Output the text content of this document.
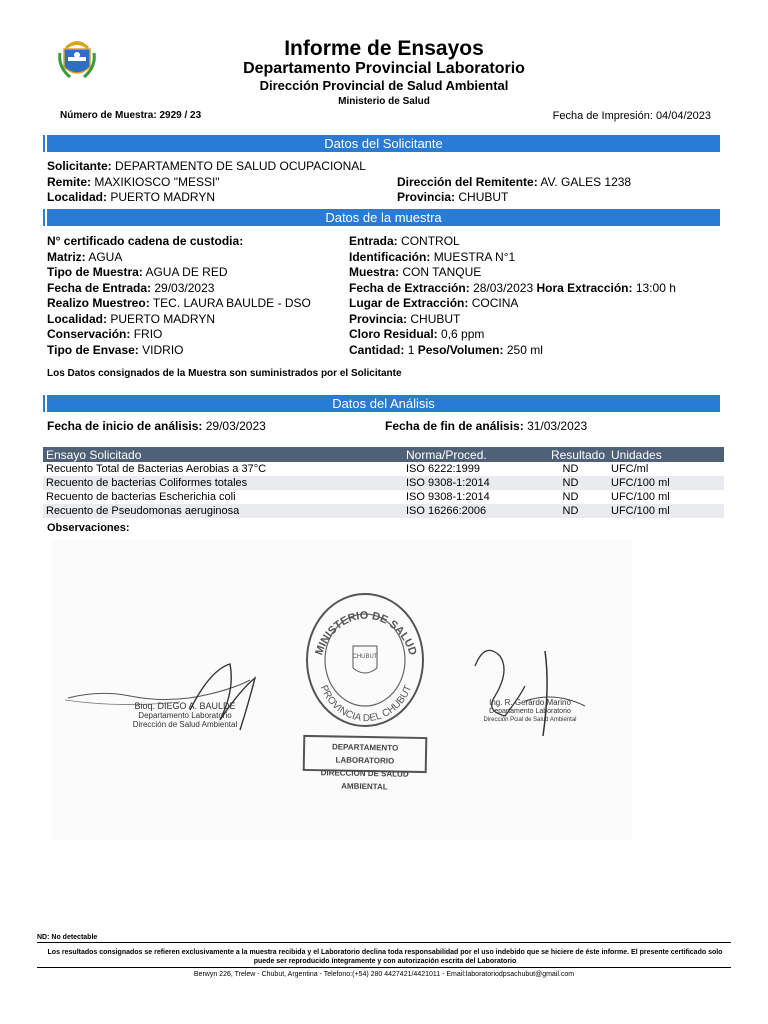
Informe de Ensayos
Departamento Provincial Laboratorio
Dirección Provincial de Salud Ambiental
Ministerio de Salud
Número de Muestra: 2929 / 23	Fecha de Impresión: 04/04/2023
Datos del Solicitante
Solicitante: DEPARTAMENTO DE SALUD OCUPACIONAL
Remite: MAXIKIOSCO "MESSI"	Dirección del Remitente: AV. GALES 1238
Localidad: PUERTO MADRYN	Provincia: CHUBUT
Datos de la muestra
N° certificado cadena de custodia:
Matriz: AGUA
Tipo de Muestra: AGUA DE RED
Fecha de Entrada: 29/03/2023
Realizo Muestreo: TEC. LAURA BAULDE - DSO
Localidad: PUERTO MADRYN
Conservación: FRIO
Tipo de Envase: VIDRIO
Entrada: CONTROL
Identificación: MUESTRA N°1
Muestra: CON TANQUE
Fecha de Extracción: 28/03/2023 Hora Extracción: 13:00 h
Lugar de Extracción: COCINA
Provincia: CHUBUT
Cloro Residual: 0,6 ppm
Cantidad: 1 Peso/Volumen: 250 ml
Los Datos consignados de la Muestra son suministrados por el Solicitante
Datos del Análisis
Fecha de inicio de análisis: 29/03/2023	Fecha de fin de análisis: 31/03/2023
Ensayo Solicitado	Norma/Proced.	Resultado	Unidades
Recuento Total de Bacterias Aerobias a 37°C	ISO 6222:1999	ND	UFC/ml
Recuento de bacterias Coliformes totales	ISO 9308-1:2014	ND	UFC/100 ml
Recuento de bacterias Escherichia coli	ISO 9308-1:2014	ND	UFC/100 ml
Recuento de Pseudomonas aeruginosa	ISO 16266:2006	ND	UFC/100 ml
Observaciones:
Bioq. DIEGO A. BAULDE
Departamento Laboratorio
Dirección de Salud Ambiental
MINISTERIO DE SALUD
PROVINCIA DEL CHUBUT
CHUBUT
DEPARTAMENTO LABORATORIO
DIRECCION DE SALUD AMBIENTAL
Ing. R. Gerardo Marino
Departamento Laboratorio
Dirección Pcial de Salud Ambiental
ND: No detectable
Los resultados consignados se refieren exclusivamente a la muestra recibida y el Laboratorio declina toda responsabilidad por el uso indebido que se hiciere de éste informe. El presente certificado solo puede ser reproducido íntegramente y con autorización escrita del Laboratorio
Berwyn 226, Trelew - Chubut, Argentina - Telefono:(+54) 280 4427421/4421011 - Email:laboratoriodpsachubut@gmail.com
